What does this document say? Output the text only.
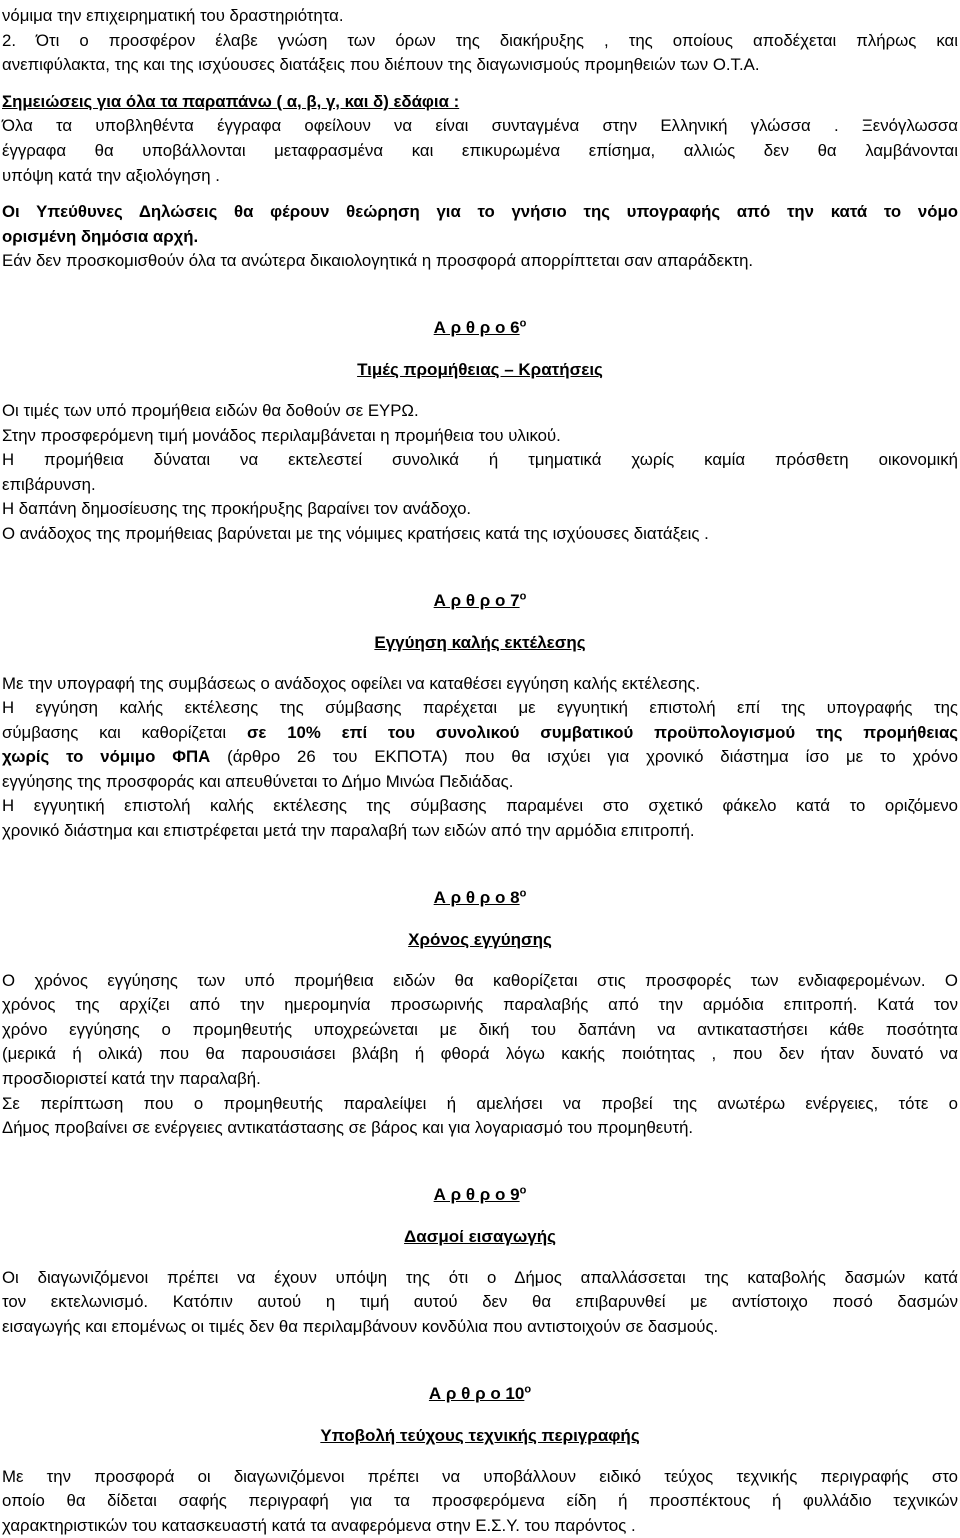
νόμιμα την επιχειρηματική του δραστηριότητα.

2. Ότι ο προσφέρον έλαβε γνώση των όρων της διακήρυξης , της οποίους αποδέχεται πλήρως και

ανεπιφύλακτα, της και της ισχύουσες διατάξεις που διέπουν της διαγωνισμούς προμηθειών των Ο.Τ.Α.

Σημειώσεις για όλα τα παραπάνω ( α, β, γ, και δ) εδάφια :

Όλα τα υποβληθέντα έγγραφα οφείλουν να είναι συνταγμένα στην Ελληνική γλώσσα . Ξενόγλωσσα

έγγραφα θα υποβάλλονται μεταφρασμένα και επικυρωμένα επίσημα, αλλιώς δεν θα λαμβάνονται

υπόψη κατά την αξιολόγηση .

Οι Υπεύθυνες Δηλώσεις θα φέρουν θεώρηση για το γνήσιο της υπογραφής από την κατά το νόμο

ορισμένη δημόσια αρχή.

Εάν δεν προσκομισθούν όλα τα ανώτερα δικαιολογητικά η προσφορά απορρίπτεται σαν απαράδεκτη.

Α ρ θ ρ ο $6^o$

Τιμές προμήθειας – Κρατήσεις

Οι τιμές των υπό προμήθεια ειδών θα δοθούν σε ΕΥΡΩ.

Στην προσφερόμενη τιμή μονάδος περιλαμβάνεται η προμήθεια του υλικού.

Η προμήθεια δύναται να εκτελεστεί συνολικά ή τμηματικά χωρίς καμία πρόσθετη οικονομική

επιβάρυνση.

Η δαπάνη δημοσίευσης της προκήρυξης βαραίνει τον ανάδοχο.

Ο ανάδοχος της προμήθειας βαρύνεται με της νόμιμες κρατήσεις κατά της ισχύουσες διατάξεις .

Α ρ θ ρ ο $7^o$

Εγγύηση καλής εκτέλεσης

Με την υπογραφή της συμβάσεως ο ανάδοχος οφείλει να καταθέσει εγγύηση καλής εκτέλεσης.

Η εγγύηση καλής εκτέλεσης της σύμβασης παρέχεται με εγγυητική επιστολή επί της υπογραφής της

σύμβασης και καθορίζεται σε 10% επί του συνολικού συμβατικού προϋπολογισμού της προμήθειας

χωρίς το νόμιμο ΦΠΑ (άρθρο 26 του ΕΚΠΟΤΑ) που θα ισχύει για χρονικό διάστημα ίσο με το χρόνο

εγγύησης της προσφοράς και απευθύνεται το Δήμο Μινώα Πεδιάδας.

Η εγγυητική επιστολή καλής εκτέλεσης της σύμβασης παραμένει στο σχετικό φάκελο κατά το οριζόμενο

χρονικό διάστημα και επιστρέφεται μετά την παραλαβή των ειδών από την αρμόδια επιτροπή.

Α ρ θ ρ ο $8^o$

Χρόνος εγγύησης

Ο χρόνος εγγύησης των υπό προμήθεια ειδών θα καθορίζεται στις προσφορές των ενδιαφερομένων. Ο

χρόνος της αρχίζει από την ημερομηνία προσωρινής παραλαβής από την αρμόδια επιτροπή. Κατά τον

χρόνο εγγύησης ο προμηθευτής υποχρεώνεται με δική του δαπάνη να αντικαταστήσει κάθε ποσότητα

(μερικά ή ολικά) που θα παρουσιάσει βλάβη ή φθορά λόγω κακής ποιότητας , που δεν ήταν δυνατό να

προσδιοριστεί κατά την παραλαβή.

Σε περίπτωση που ο προμηθευτής παραλείψει ή αμελήσει να προβεί της ανωτέρω ενέργειες, τότε ο

Δήμος προβαίνει σε ενέργειες αντικατάστασης σε βάρος και για λογαριασμό του προμηθευτή.

Α ρ θ ρ ο $9^o$

Δασμοί εισαγωγής

Οι διαγωνιζόμενοι πρέπει να έχουν υπόψη της ότι ο Δήμος απαλλάσσεται της καταβολής δασμών κατά

τον εκτελωνισμό. Κατόπιν αυτού η τιμή αυτού δεν θα επιβαρυνθεί με αντίστοιχο ποσό δασμών

εισαγωγής και επομένως οι τιμές δεν θα περιλαμβάνουν κονδύλια που αντιστοιχούν σε δασμούς.

Α ρ θ ρ ο $10^o$

Υποβολή τεύχους τεχνικής περιγραφής

Με την προσφορά οι διαγωνιζόμενοι πρέπει να υποβάλλουν ειδικό τεύχος τεχνικής περιγραφής στο

οποίο θα δίδεται σαφής περιγραφή για τα προσφερόμενα είδη ή προσπέκτους ή φυλλάδιο τεχνικών

χαρακτηριστικών του κατασκευαστή κατά τα αναφερόμενα στην Ε.Σ.Υ. του παρόντος .
